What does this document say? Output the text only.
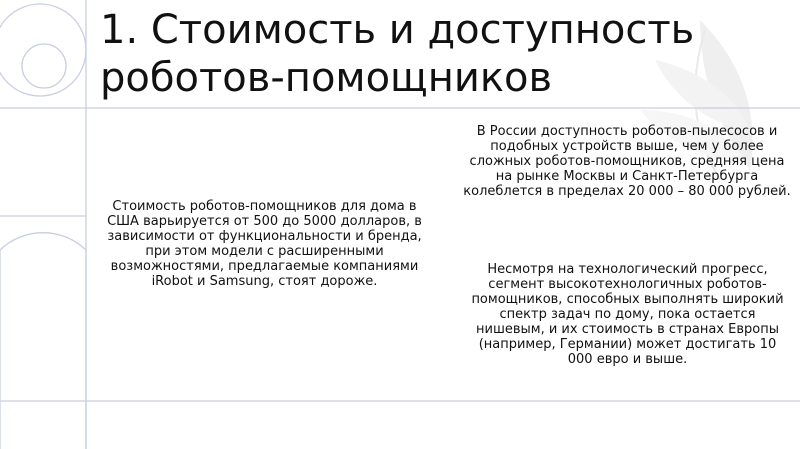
1. Стоимость и доступность роботов-помощников

Стоимость роботов-помощников для дома в США варьируется от 500 до 5000 долларов, в зависимости от функциональности и бренда, при этом модели с расширенными возможностями, предлагаемые компаниями iRobot и Samsung, стоят дороже.

В России доступность роботов-пылесосов и подобных устройств выше, чем у более сложных роботов-помощников, средняя цена на рынке Москвы и Санкт-Петербурга колеблется в пределах 20 000 – 80 000 рублей.

Несмотря на технологический прогресс, сегмент высокотехнологичных роботов-помощников, способных выполнять широкий спектр задач по дому, пока остается нишевым, и их стоимость в странах Европы (например, Германии) может достигать 10 000 евро и выше.
